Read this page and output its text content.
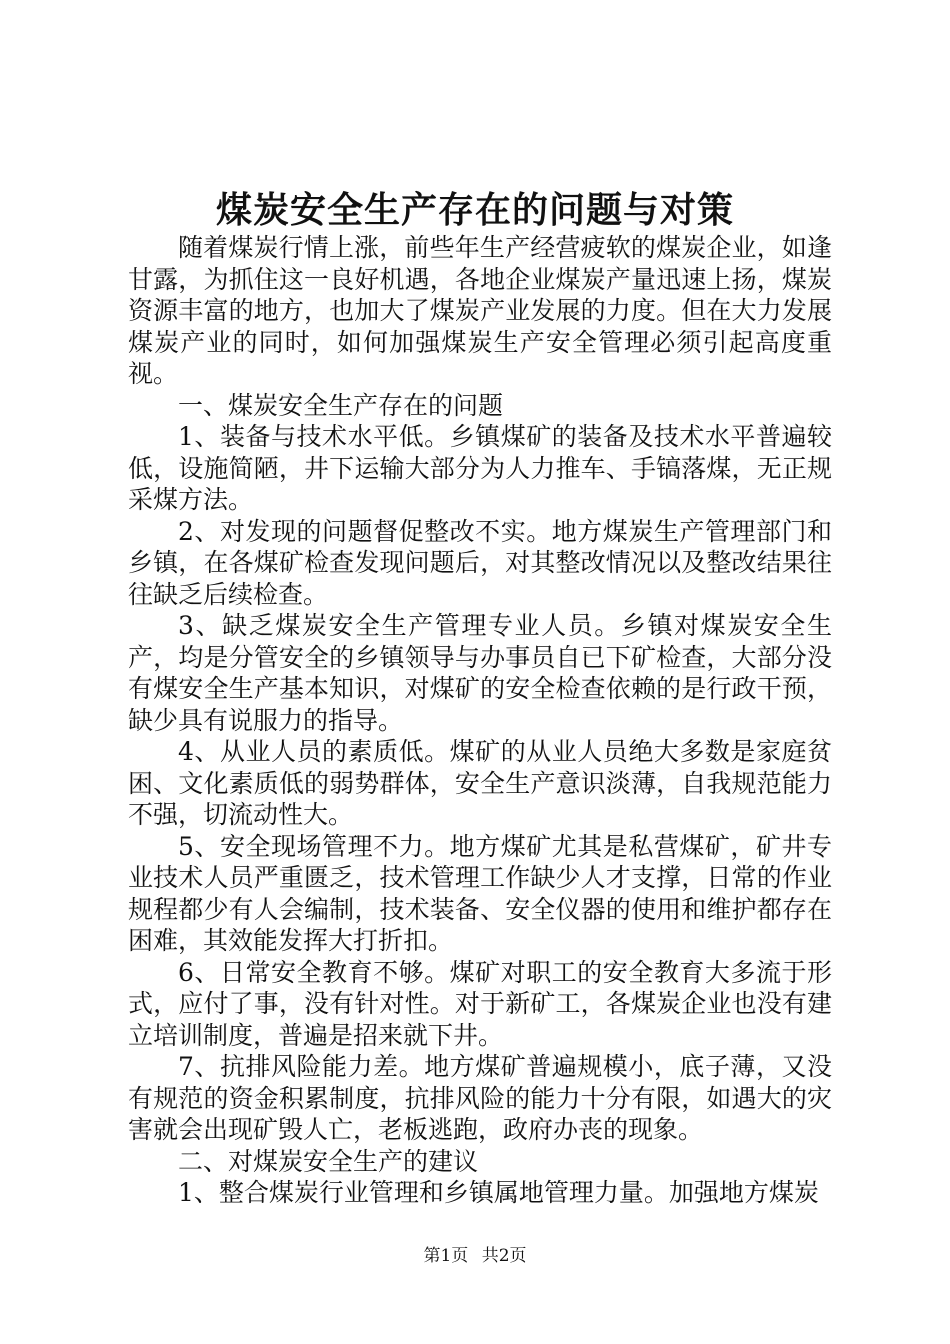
煤炭安全生产存在的问题与对策

随着煤炭行情上涨，前些年生产经营疲软的煤炭企业，如逢甘露，为抓住这一良好机遇，各地企业煤炭产量迅速上扬，煤炭资源丰富的地方，也加大了煤炭产业发展的力度。但在大力发展煤炭产业的同时，如何加强煤炭生产安全管理必须引起高度重视。

一、煤炭安全生产存在的问题

1、装备与技术水平低。乡镇煤矿的装备及技术水平普遍较低，设施简陋，井下运输大部分为人力推车、手镐落煤，无正规采煤方法。

2、对发现的问题督促整改不实。地方煤炭生产管理部门和乡镇，在各煤矿检查发现问题后，对其整改情况以及整改结果往往缺乏后续检查。

3、缺乏煤炭安全生产管理专业人员。乡镇对煤炭安全生产，均是分管安全的乡镇领导与办事员自已下矿检查，大部分没有煤安全生产基本知识，对煤矿的安全检查依赖的是行政干预，缺少具有说服力的指导。

4、从业人员的素质低。煤矿的从业人员绝大多数是家庭贫困、文化素质低的弱势群体，安全生产意识淡薄，自我规范能力不强，切流动性大。

5、安全现场管理不力。地方煤矿尤其是私营煤矿，矿井专业技术人员严重匮乏，技术管理工作缺少人才支撑，日常的作业规程都少有人会编制，技术装备、安全仪器的使用和维护都存在困难，其效能发挥大打折扣。

6、日常安全教育不够。煤矿对职工的安全教育大多流于形式，应付了事，没有针对性。对于新矿工，各煤炭企业也没有建立培训制度，普遍是招来就下井。

7、抗排风险能力差。地方煤矿普遍规模小，底子薄，又没有规范的资金积累制度，抗排风险的能力十分有限，如遇大的灾害就会出现矿毁人亡，老板逃跑，政府办丧的现象。

二、对煤炭安全生产的建议

1、整合煤炭行业管理和乡镇属地管理力量。加强地方煤炭

第1页 共2页
